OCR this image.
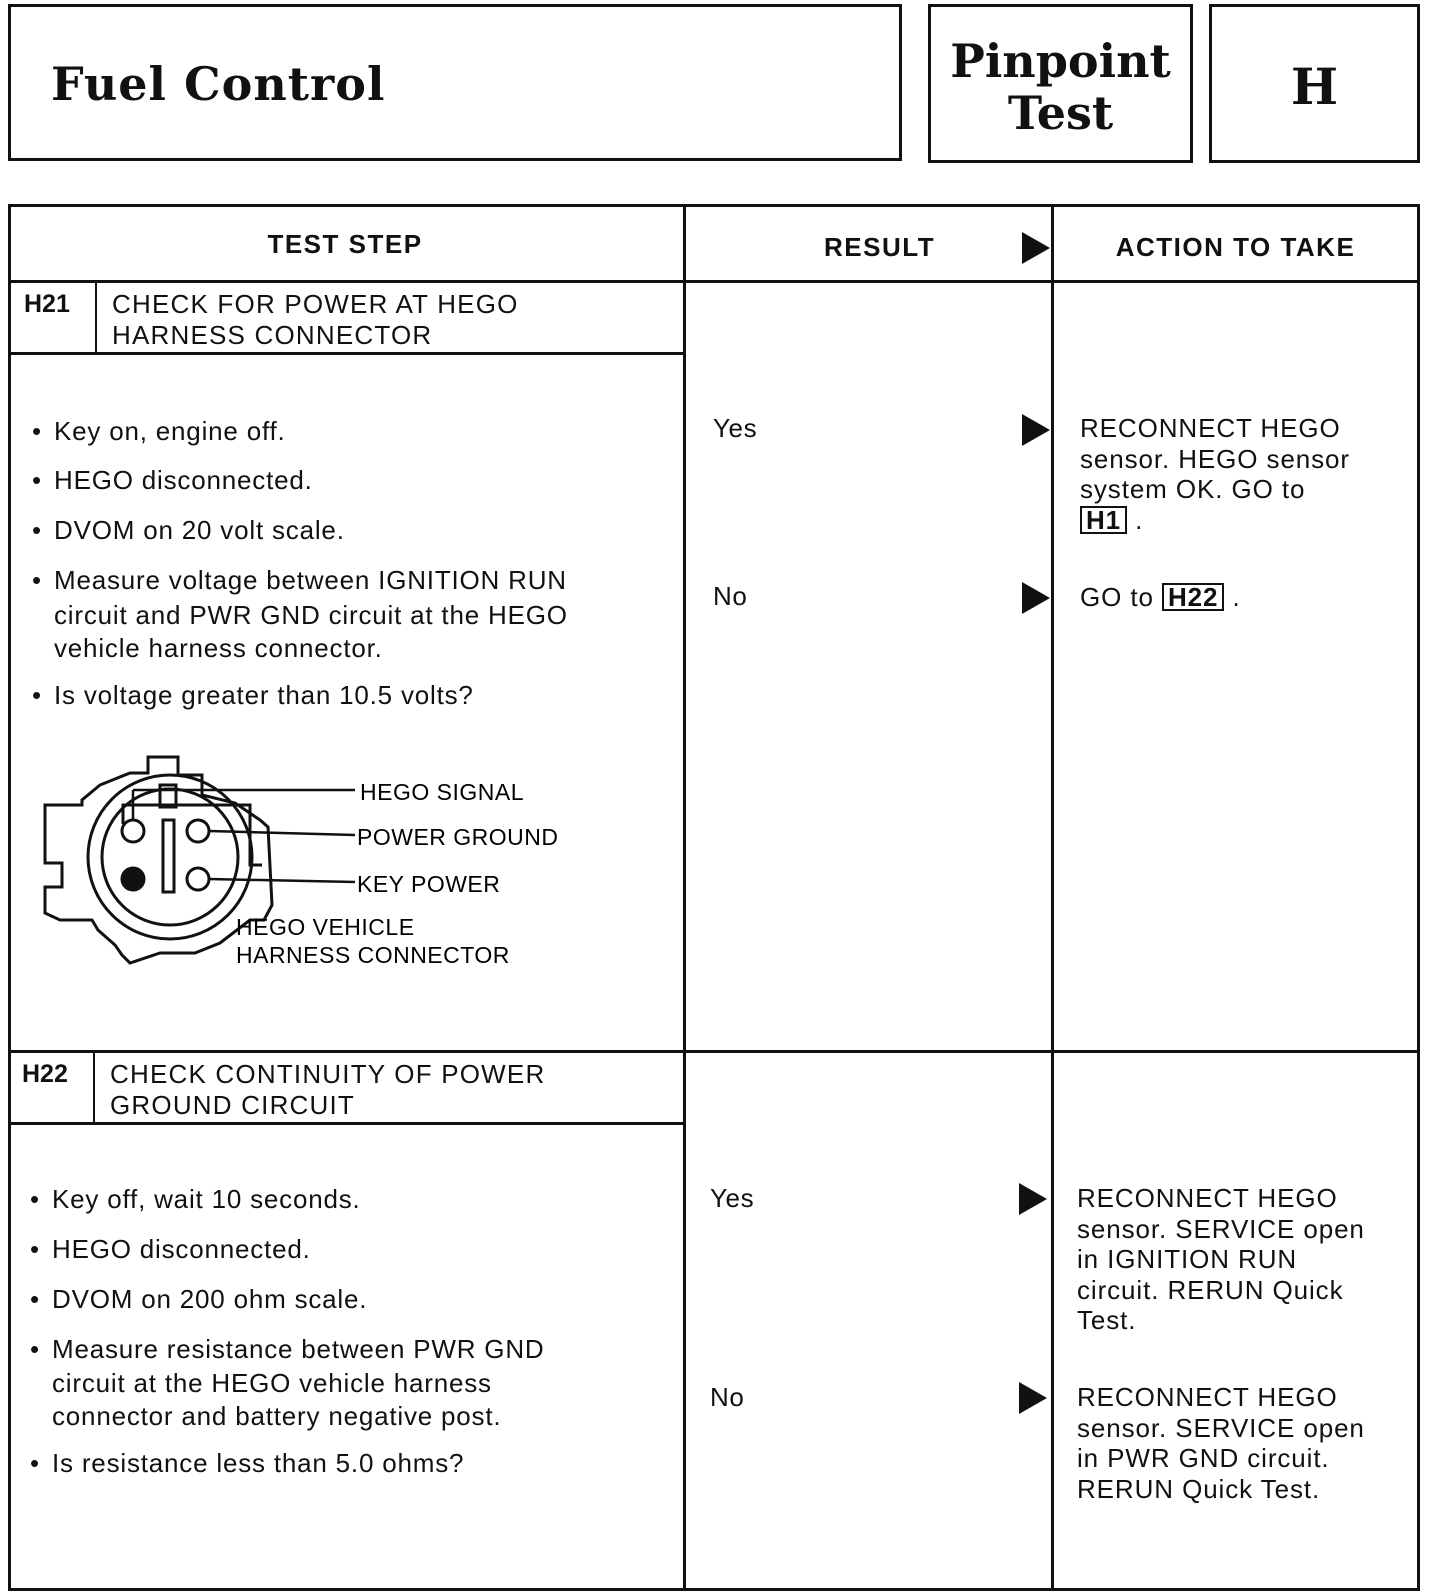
Fuel Control	Pinpoint
Test	H
TEST STEP	RESULT	ACTION TO TAKE
H21 CHECK FOR POWER AT HEGO
HARNESS CONNECTOR
• Key on, engine off.
• HEGO disconnected.
• DVOM on 20 volt scale.
• Measure voltage between IGNITION RUN
circuit and PWR GND circuit at the HEGO
vehicle harness connector.
• Is voltage greater than 10.5 volts?
HEGO SIGNAL
POWER GROUND
KEY POWER
HEGO VEHICLE
HARNESS CONNECTOR
Yes	RECONNECT HEGO
sensor. HEGO sensor
system OK. GO to
H1 .
No	GO to H22 .
H22 CHECK CONTINUITY OF POWER
GROUND CIRCUIT
• Key off, wait 10 seconds.
• HEGO disconnected.
• DVOM on 200 ohm scale.
• Measure resistance between PWR GND
circuit at the HEGO vehicle harness
connector and battery negative post.
• Is resistance less than 5.0 ohms?
Yes	RECONNECT HEGO
sensor. SERVICE open
in IGNITION RUN
circuit. RERUN Quick
Test.
No	RECONNECT HEGO
sensor. SERVICE open
in PWR GND circuit.
RERUN Quick Test.
